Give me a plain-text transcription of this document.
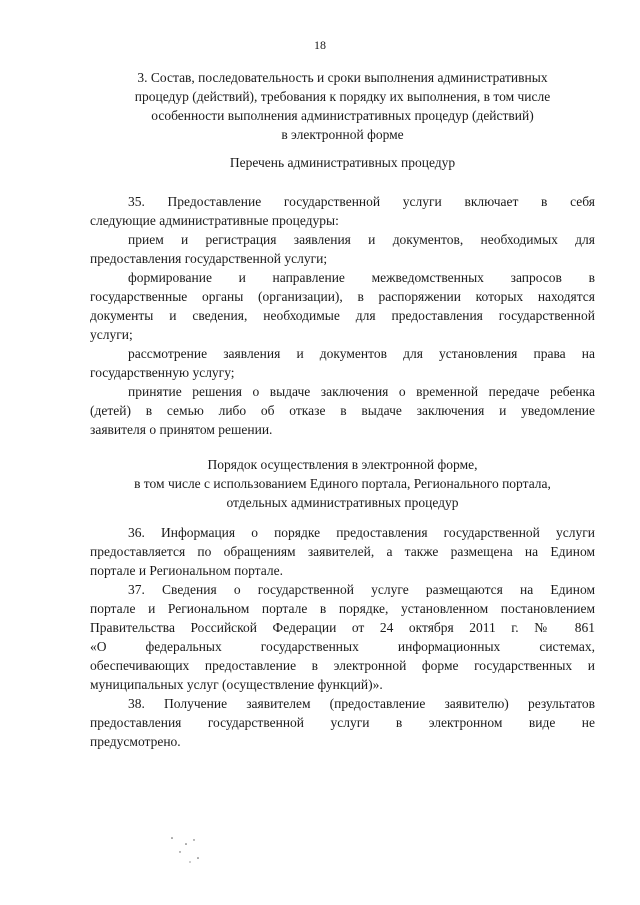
18
3. Состав, последовательность и сроки выполнения административных
процедур (действий), требования к порядку их выполнения, в том числе
особенности выполнения административных процедур (действий)
в электронной форме
Перечень административных процедур
35. Предоставление государственной услуги включает в себя
следующие административные процедуры:
прием и регистрация заявления и документов, необходимых для
предоставления государственной услуги;
формирование и направление межведомственных запросов в
государственные органы (организации), в распоряжении которых находятся
документы и сведения, необходимые для предоставления государственной
услуги;
рассмотрение заявления и документов для установления права на
государственную услугу;
принятие решения о выдаче заключения о временной передаче ребенка
(детей) в семью либо об отказе в выдаче заключения и уведомление
заявителя о принятом решении.
Порядок осуществления в электронной форме,
в том числе с использованием Единого портала, Регионального портала,
отдельных административных процедур
36. Информация о порядке предоставления государственной услуги
предоставляется по обращениям заявителей, а также размещена на Едином
портале и Региональном портале.
37. Сведения о государственной услуге размещаются на Едином
портале и Региональном портале в порядке, установленном постановлением
Правительства Российской Федерации от 24 октября 2011 г. № 861
«О федеральных государственных информационных системах,
обеспечивающих предоставление в электронной форме государственных и
муниципальных услуг (осуществление функций)».
38. Получение заявителем (предоставление заявителю) результатов
предоставления государственной услуги в электронном виде не
предусмотрено.
